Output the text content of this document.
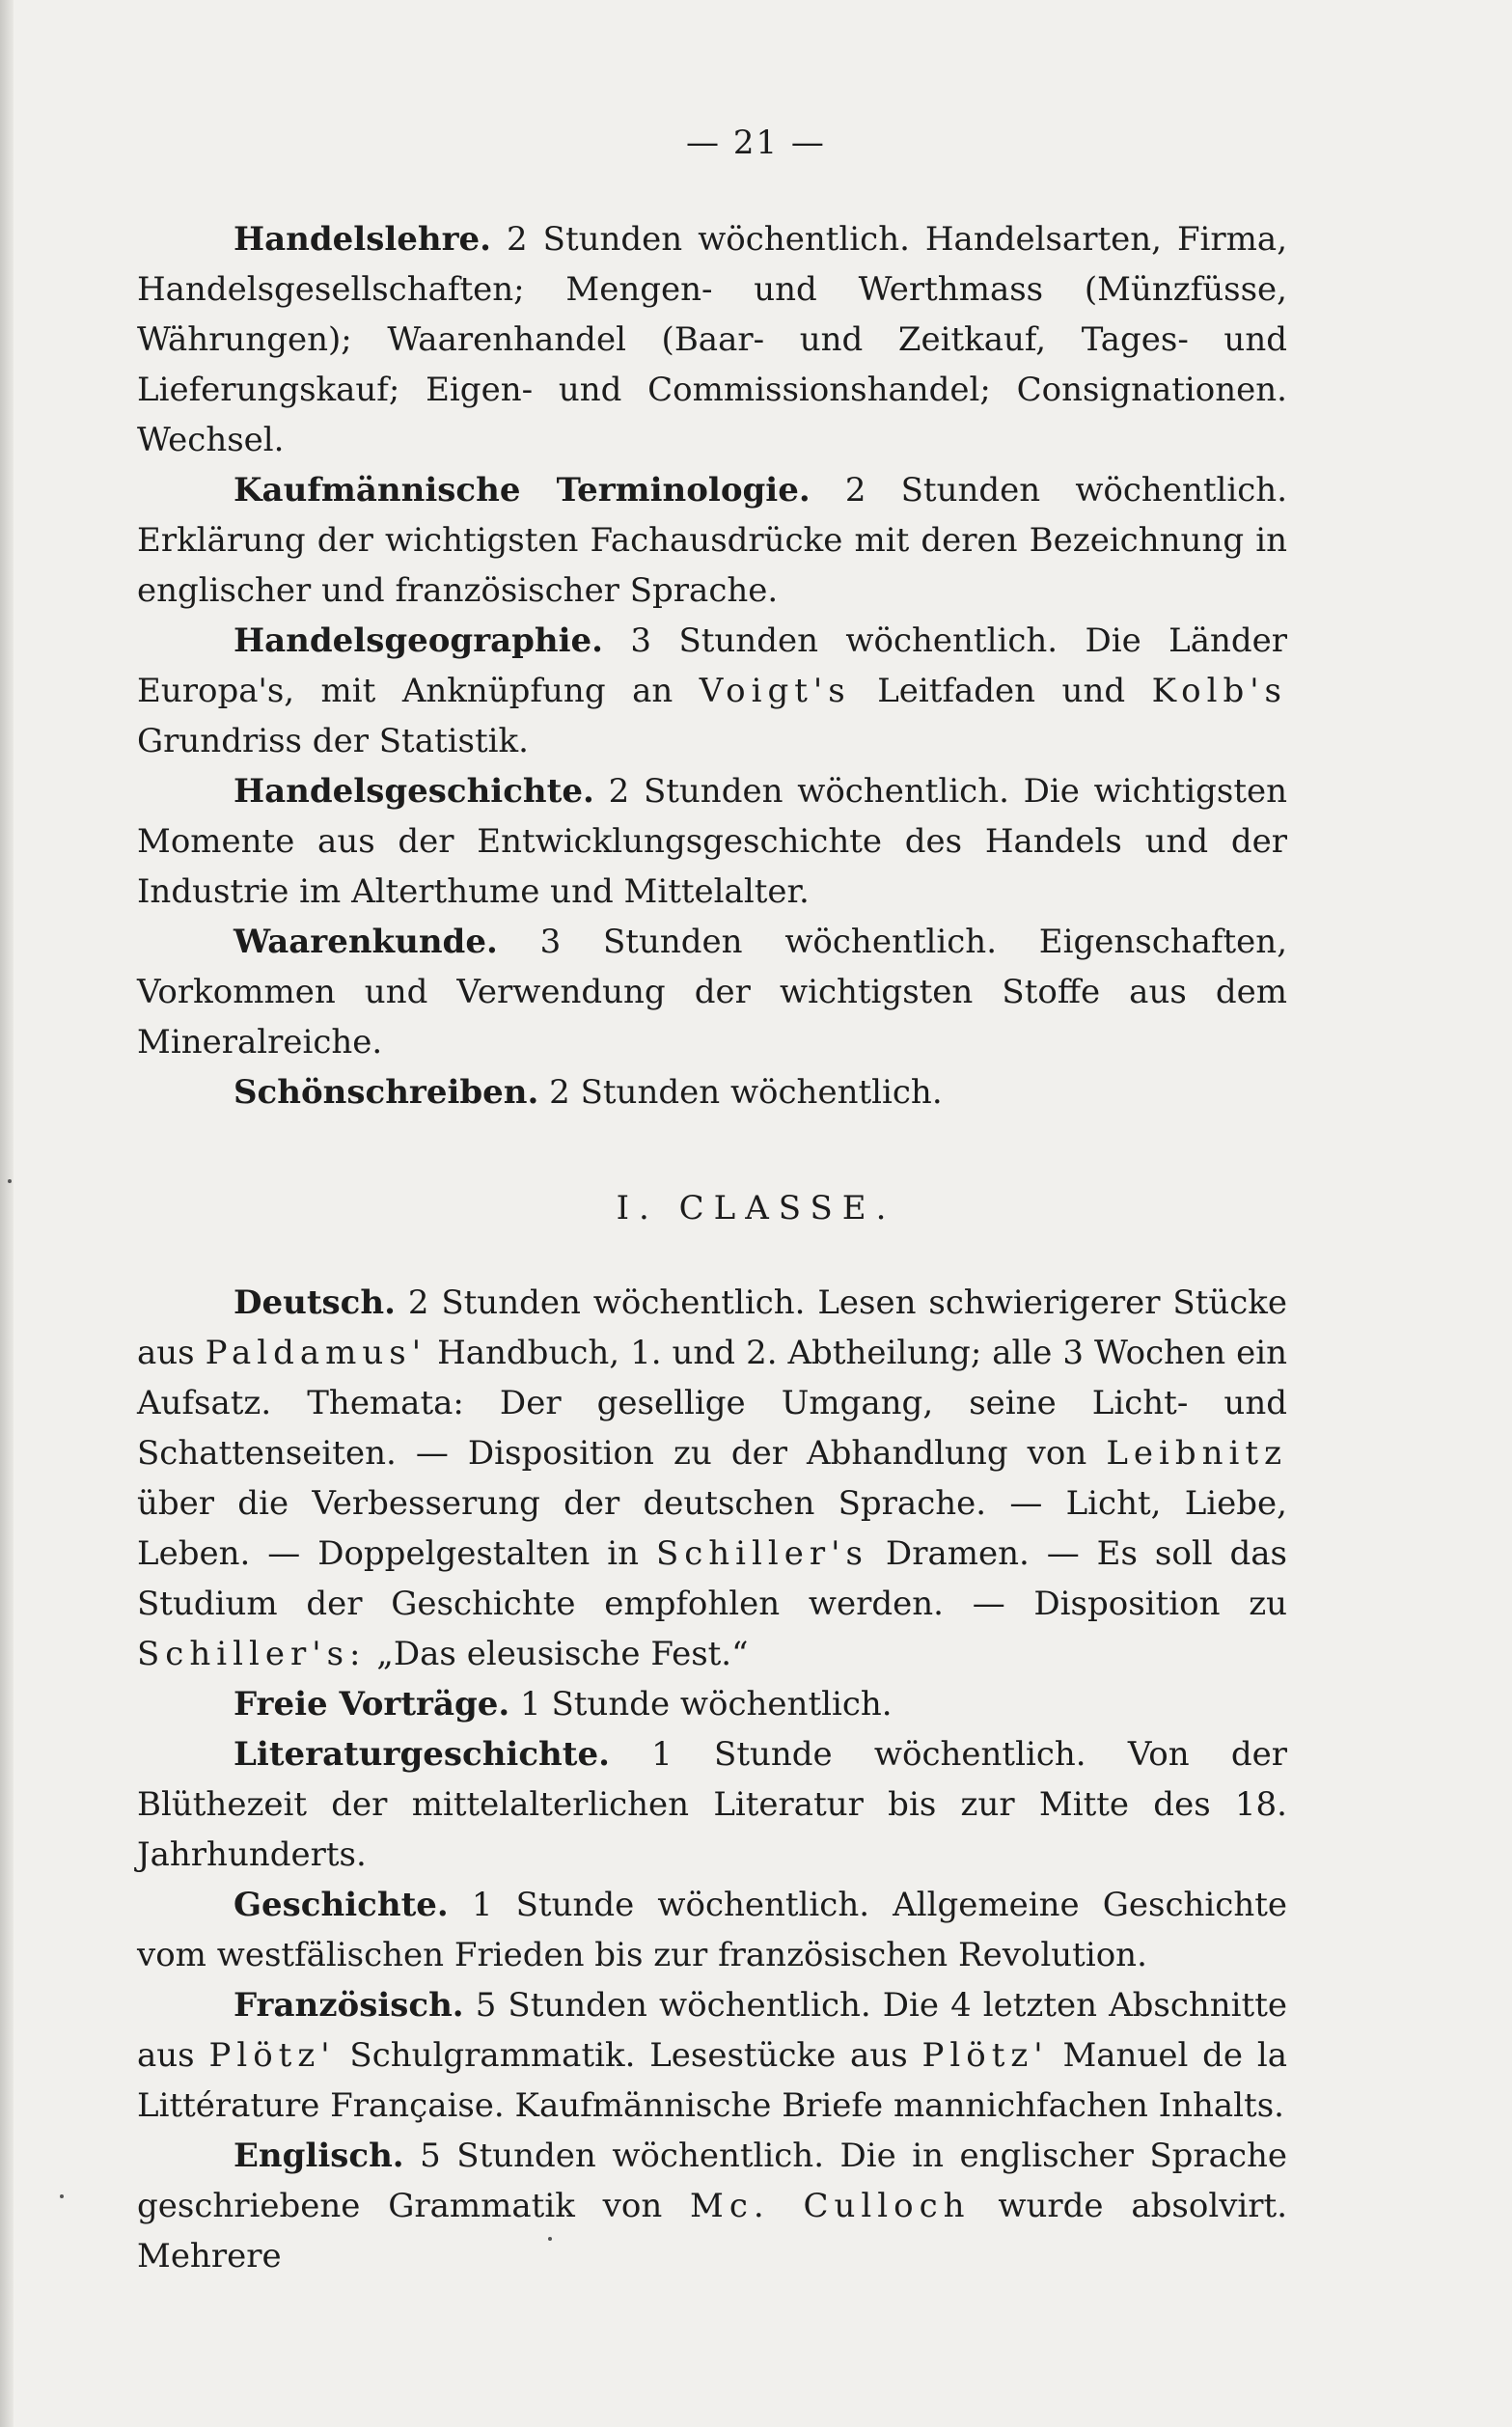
— 21 —

Handelslehre. 2 Stunden wöchentlich. Handelsarten, Firma, Handelsgesellschaften; Mengen- und Werthmass (Münzfüsse, Währungen); Waarenhandel (Baar- und Zeitkauf, Tages- und Lieferungskauf; Eigen- und Commissionshandel; Consignationen. Wechsel.

Kaufmännische Terminologie. 2 Stunden wöchentlich. Erklärung der wichtigsten Fachausdrücke mit deren Bezeichnung in englischer und französischer Sprache.

Handelsgeographie. 3 Stunden wöchentlich. Die Länder Europa's, mit Anknüpfung an Voigt's Leitfaden und Kolb's Grundriss der Statistik.

Handelsgeschichte. 2 Stunden wöchentlich. Die wichtigsten Momente aus der Entwicklungsgeschichte des Handels und der Industrie im Alterthume und Mittelalter.

Waarenkunde. 3 Stunden wöchentlich. Eigenschaften, Vorkommen und Verwendung der wichtigsten Stoffe aus dem Mineralreiche.

Schönschreiben. 2 Stunden wöchentlich.

I. CLASSE.

Deutsch. 2 Stunden wöchentlich. Lesen schwierigerer Stücke aus Paldamus' Handbuch, 1. und 2. Abtheilung; alle 3 Wochen ein Aufsatz. Themata: Der gesellige Umgang, seine Licht- und Schattenseiten. — Disposition zu der Abhandlung von Leibnitz über die Verbesserung der deutschen Sprache. — Licht, Liebe, Leben. — Doppelgestalten in Schiller's Dramen. — Es soll das Studium der Geschichte empfohlen werden. — Disposition zu Schiller's: „Das eleusische Fest.“

Freie Vorträge. 1 Stunde wöchentlich.

Literaturgeschichte. 1 Stunde wöchentlich. Von der Blüthezeit der mittelalterlichen Literatur bis zur Mitte des 18. Jahrhunderts.

Geschichte. 1 Stunde wöchentlich. Allgemeine Geschichte vom westfälischen Frieden bis zur französischen Revolution.

Französisch. 5 Stunden wöchentlich. Die 4 letzten Abschnitte aus Plötz' Schulgrammatik. Lesestücke aus Plötz' Manuel de la Littérature Française. Kaufmännische Briefe mannichfachen Inhalts.

Englisch. 5 Stunden wöchentlich. Die in englischer Sprache geschriebene Grammatik von Mc. Culloch wurde absolvirt. Mehrere
